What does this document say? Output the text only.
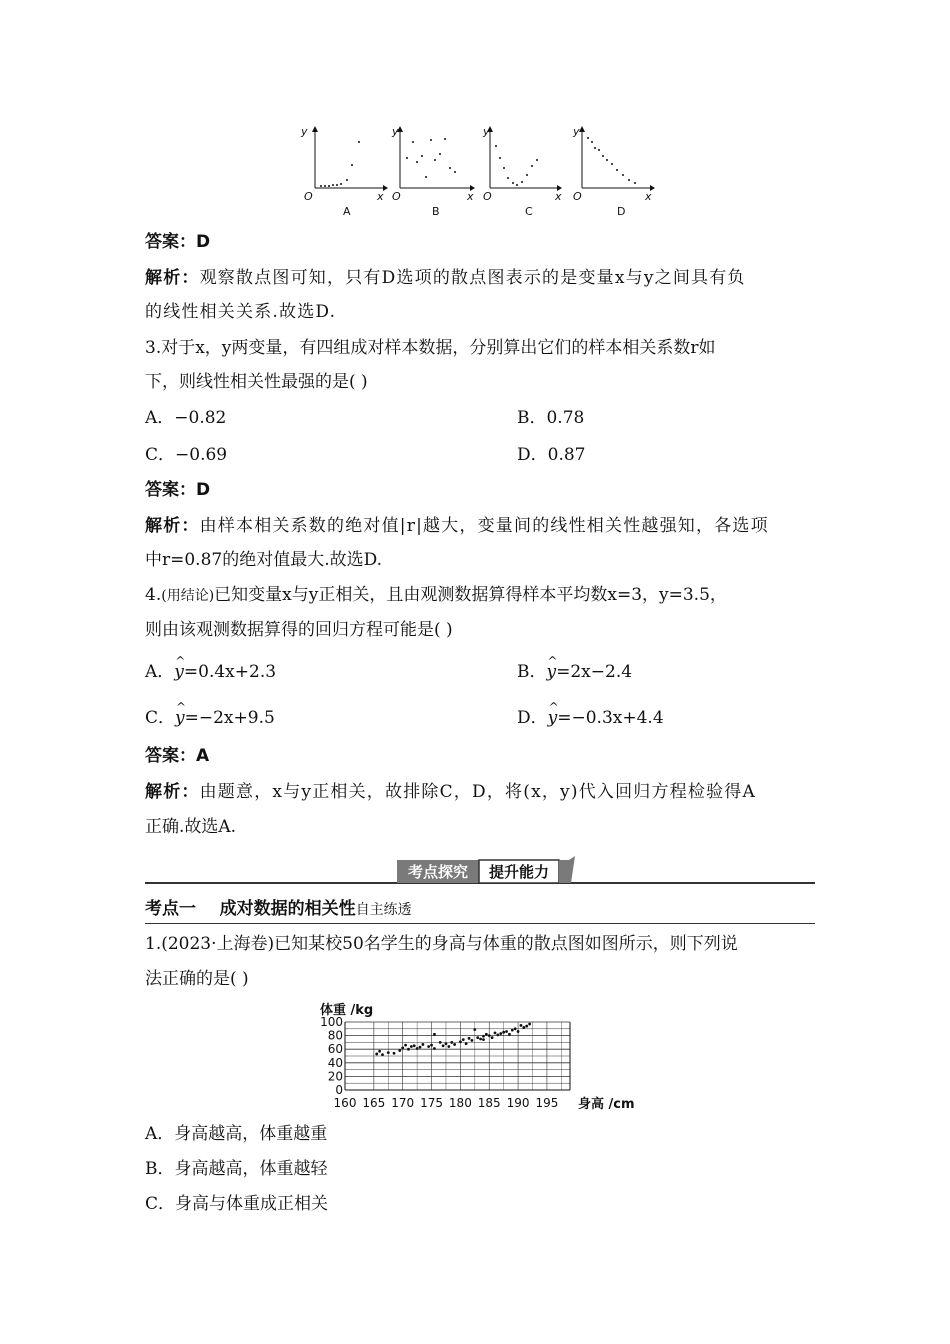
y
O	x
A
y
O	x
B
y
O	x
C
y
O	x
D
答案：D
解析：观察散点图可知，只有D选项的散点图表示的是变量x与y之间具有负
的线性相关关系.故选D.
3.对于x，y两变量，有四组成对样本数据，分别算出它们的样本相关系数r如
下，则线性相关性最强的是( )
A．−0.82	B．0.78
C．−0.69	D．0.87
答案：D
解析：由样本相关系数的绝对值|r|越大，变量间的线性相关性越强知，各选项
中r=0.87的绝对值最大.故选D.
4.(用结论)已知变量x与y正相关，且由观测数据算得样本平均数x=3，y=3.5，
则由该观测数据算得的回归方程可能是( )
A．^ y=0.4x+2.3	B．^ y=2x−2.4
C．^ y=−2x+9.5	D．^ y=−0.3x+4.4
答案：A
解析：由题意，x与y正相关，故排除C，D，将(x，y)代入回归方程检验得A
正确.故选A.
考点探究 提升能力
考点一    成对数据的相关性自主练透
1.(2023·上海卷)已知某校50名学生的身高与体重的散点图如图所示，则下列说
法正确的是( )
体重 /kg
身高 /cm
0
20
40
60
80
100
160 165 170 175 180 185 190 195
A．身高越高，体重越重
B．身高越高，体重越轻
C．身高与体重成正相关
